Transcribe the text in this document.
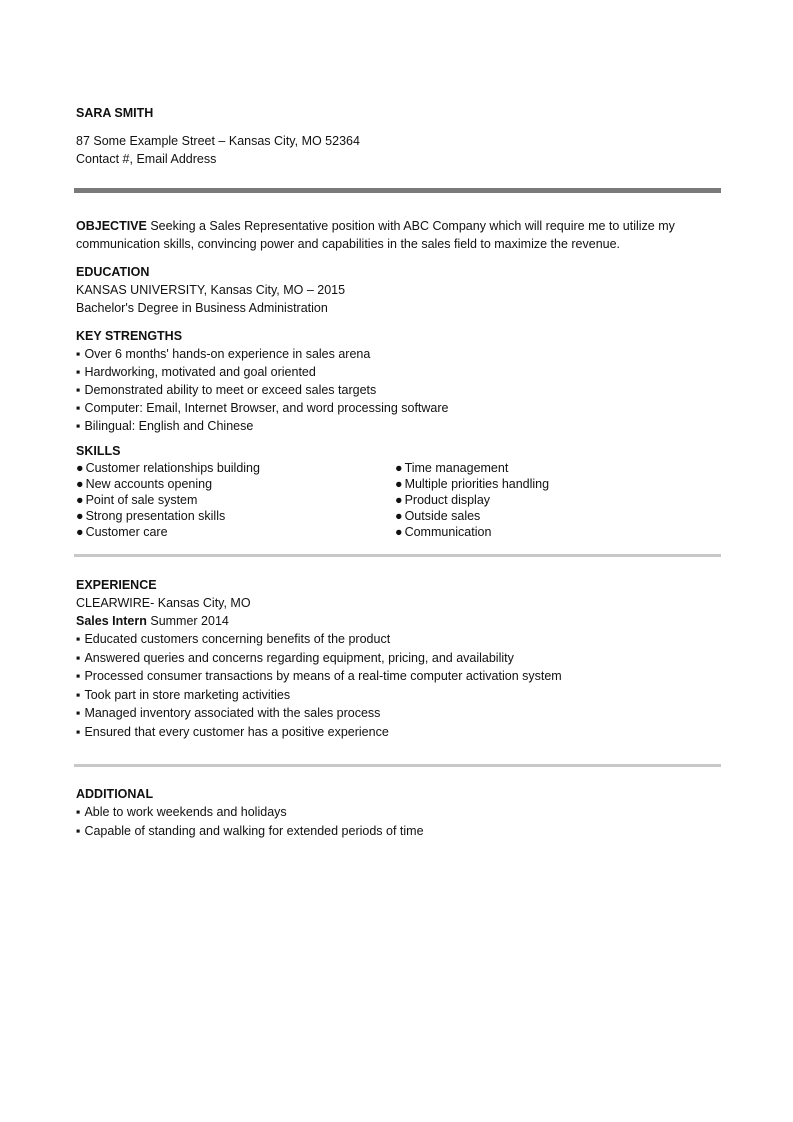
SARA SMITH
87 Some Example Street – Kansas City, MO 52364
Contact #, Email Address
OBJECTIVE Seeking a Sales Representative position with ABC Company which will require me to utilize my communication skills, convincing power and capabilities in the sales field to maximize the revenue.
EDUCATION
KANSAS UNIVERSITY, Kansas City, MO – 2015
Bachelor's Degree in Business Administration
KEY STRENGTHS
▪ Over 6 months' hands-on experience in sales arena
▪ Hardworking, motivated and goal oriented
▪ Demonstrated ability to meet or exceed sales targets
▪ Computer: Email, Internet Browser, and word processing software
▪ Bilingual: English and Chinese
SKILLS
● Customer relationships building	● Time management
● New accounts opening	● Multiple priorities handling
● Point of sale system	● Product display
● Strong presentation skills	● Outside sales
● Customer care	● Communication
EXPERIENCE
CLEARWIRE- Kansas City, MO
Sales Intern Summer 2014
▪ Educated customers concerning benefits of the product
▪ Answered queries and concerns regarding equipment, pricing, and availability
▪ Processed consumer transactions by means of a real-time computer activation system
▪ Took part in store marketing activities
▪ Managed inventory associated with the sales process
▪ Ensured that every customer has a positive experience
ADDITIONAL
▪ Able to work weekends and holidays
▪ Capable of standing and walking for extended periods of time
